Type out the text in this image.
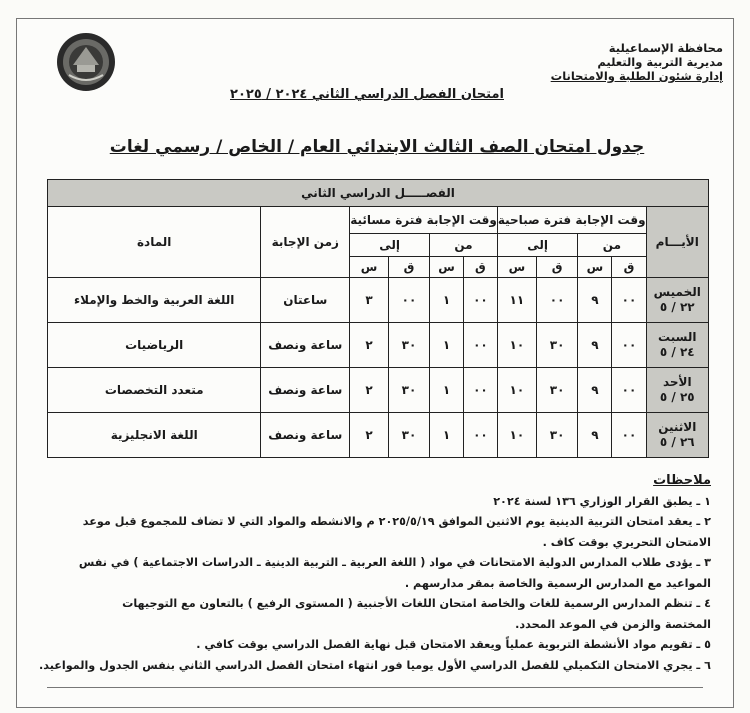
محافظة الإسماعيلية
مديرية التربية والتعليم
إدارة شئون الطلبة والامتحانات
امتحان الفصل الدراسي الثاني ٢٠٢٤ / ٢٠٢٥
جدول امتحان الصف الثالث الابتدائي العام / الخاص / رسمي لغات
الفصـــــل الدراسي الثاني										
الأيـــام	وقت الإجابة فترة صباحية				وقت الإجابة فترة مسائية				زمن الإجابة	المادة
	من		إلى		من		إلى			
	ق	س	ق	س	ق	س	ق	س		

الخميس
٢٢ / ٥	٠٠	٩	٠٠	١١	٠٠	١	٠٠	٣	ساعتان	اللغة العربية والخط والإملاء

السبت
٢٤ / ٥	٠٠	٩	٣٠	١٠	٠٠	١	٣٠	٢	ساعة ونصف	الرياضيات

الأحد
٢٥ / ٥	٠٠	٩	٣٠	١٠	٠٠	١	٣٠	٢	ساعة ونصف	متعدد التخصصات

الاثنين
٢٦ / ٥	٠٠	٩	٣٠	١٠	٠٠	١	٣٠	٢	ساعة ونصف	اللغة الانجليزية
ملاحظات
١ ـ يطبق القرار الوزاري ١٣٦ لسنة ٢٠٢٤
٢ ـ يعقد امتحان التربية الدينية يوم الاثنين الموافق ٢٠٢٥/٥/١٩ م والانشطه والمواد التي لا تضاف للمجموع قبل موعد
الامتحان التحريري بوقت كاف .
٣ ـ يؤدى طلاب المدارس الدولية الامتحانات في مواد ( اللغة العربية ـ التربية الدينية ـ الدراسات الاجتماعية ) في نفس
المواعيد مع المدارس الرسمية والخاصة بمقر مدارسهم .
٤ ـ تنظم المدارس الرسمية للغات والخاصة امتحان اللغات الأجنبية ( المستوى الرفيع ) بالتعاون مع التوجيهات
المختصة والزمن في الموعد المحدد.
٥ ـ تقويم مواد الأنشطة التربوية عملياً ويعقد الامتحان قبل نهاية الفصل الدراسي بوقت كافي .
٦ ـ يجري الامتحان التكميلي للفصل الدراسي الأول يوميا فور انتهاء امتحان الفصل الدراسي الثاني بنفس الجدول والمواعيد.
